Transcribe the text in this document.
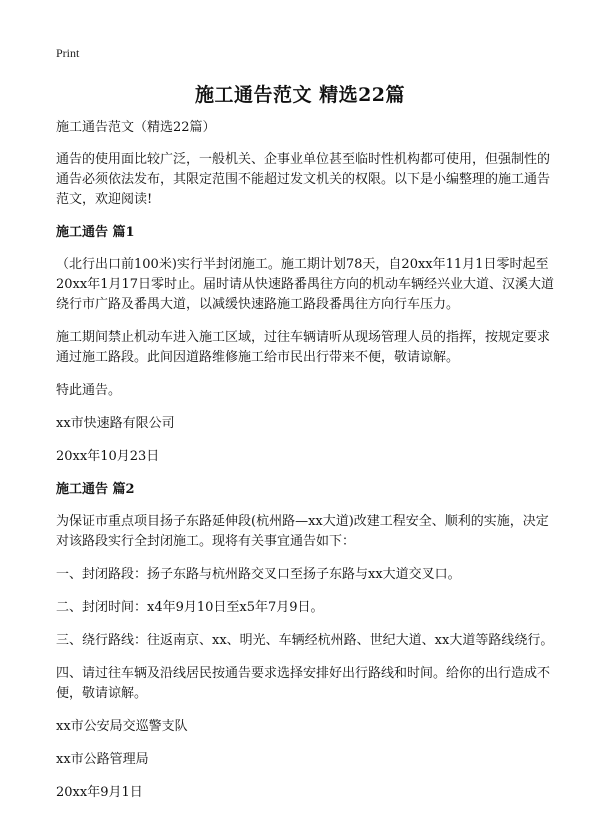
Print
施工通告范文 精选22篇

施工通告范文（精选22篇）

通告的使用面比较广泛，一般机关、企事业单位甚至临时性机构都可使用，但强制性的通告必须依法发布，其限定范围不能超过发文机关的权限。以下是小编整理的施工通告范文，欢迎阅读!

施工通告 篇1

（北行出口前100米)实行半封闭施工。施工期计划78天，自20xx年11月1日零时起至20xx年1月17日零时止。届时请从快速路番禺往方向的机动车辆经兴业大道、汉溪大道绕行市广路及番禺大道，以减缓快速路施工路段番禺往方向行车压力。

施工期间禁止机动车进入施工区域，过往车辆请听从现场管理人员的指挥，按规定要求通过施工路段。此间因道路维修施工给市民出行带来不便，敬请谅解。

特此通告。

xx市快速路有限公司

20xx年10月23日

施工通告 篇2

为保证市重点项目扬子东路延伸段(杭州路—xx大道)改建工程安全、顺利的实施，决定对该路段实行全封闭施工。现将有关事宜通告如下：

一、封闭路段：扬子东路与杭州路交叉口至扬子东路与xx大道交叉口。

二、封闭时间：x4年9月10日至x5年7月9日。

三、绕行路线：往返南京、xx、明光、车辆经杭州路、世纪大道、xx大道等路线绕行。

四、请过往车辆及沿线居民按通告要求选择安排好出行路线和时间。给你的出行造成不便，敬请谅解。

xx市公安局交巡警支队

xx市公路管理局

20xx年9月1日
